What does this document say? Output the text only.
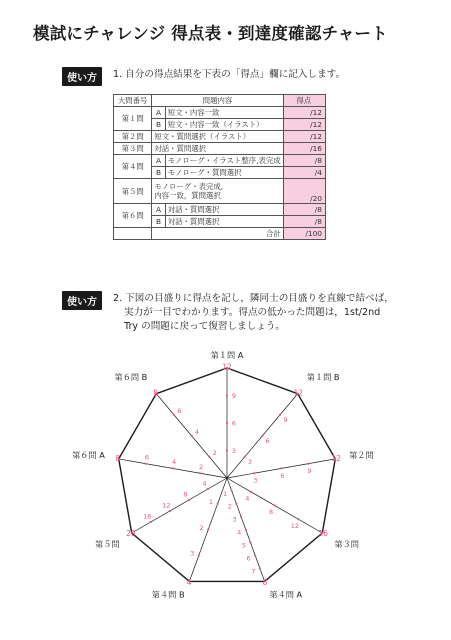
模試にチャレンジ 得点表・到達度確認チャート
使い方	1. 自分の得点結果を下表の「得点」欄に記入します。
大問番号	問題内容		得点
第１問	A	短文・内容一致	/12
	B	短文・内容一致（イラスト）	/12
第２問	短文・質問選択（イラスト）		/12
第３問	対話・質問選択		/16
第４問	A	モノローグ・イラスト整序,表完成	/8
	B	モノローグ・質問選択	/4
第５問	モノローグ・表完成,
内容一致，質問選択		/20
第６問	A	対話・質問選択	/8
	B	対話・質問選択	/8
	合計		/100
使い方	2. 下図の目盛りに得点を記し，隣同士の目盛りを直線で結べば，
実力が一目でわかります。得点の低かった問題は，1st/2nd
Try の問題に戻って復習しましょう。
3
6
9
12
第１問 A
3
6
9
12
第１問 B
3
6
9
12 第２問
4
8
12
16
第３問
1
2
3
4
5
6
7
8
第４問 A
1
2
3
4
第４問 B
4
8
12
16
20
第５問
2
4
6
8
第６問 A	2
4
6
8
第６問 B
